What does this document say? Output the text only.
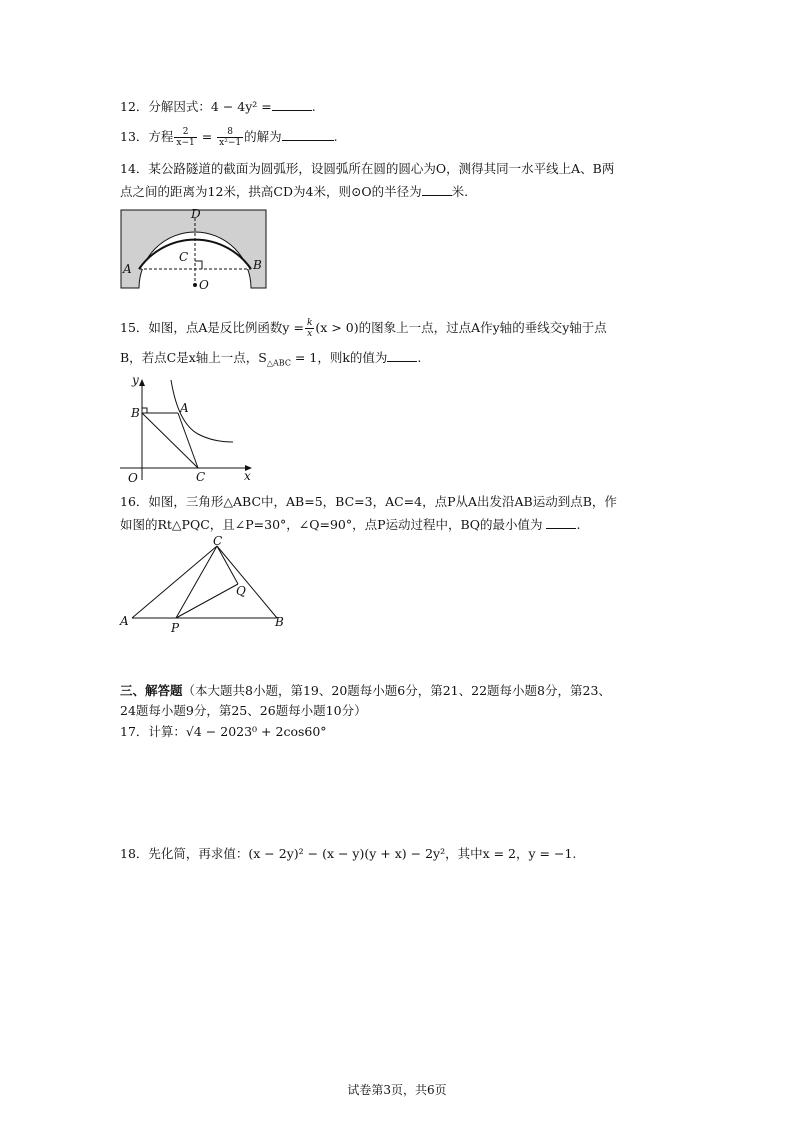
12．分解因式：4 − 4y² =	.
13．方程 $\frac{2}{x-1} = \frac{8}{\text{x²−1}}$ 的解为	.
14．某公路隧道的截面为圆弧形，设圆弧所在圆的圆心为O，测得其同一水平线上A、B两
点之间的距离为12米，拱高CD为4米，则⊙O的半径为 米.
D
C
A	B
O
15．如图，点A是反比例函数$y = \frac{k}{x} (x > 0)$的图象上一点，过点A作y轴的垂线交y轴于点
B，若点C是x轴上一点，$S_{\triangle ABC} = 1$，则k的值为 .
y
x
O
B	A
C
16．如图，三角形△ABC中，AB=5，BC=3，AC=4，点P从A出发沿AB运动到点B，作
如图的Rt△PQC，且∠P=30°，∠Q=90°，点P运动过程中，BQ的最小值为	.
C
Q
A	P	B
三、解答题（本大题共8小题，第19、20题每小题6分，第21、22题每小题8分，第23、
24题每小题9分，第25、26题每小题10分）
17．计算：√4 − 2023⁰ + 2cos60°
18．先化简，再求值：(x − 2y)² − (x − y)(y + x) − 2y²，其中x = 2，y = −1.
试卷第3页，共6页
